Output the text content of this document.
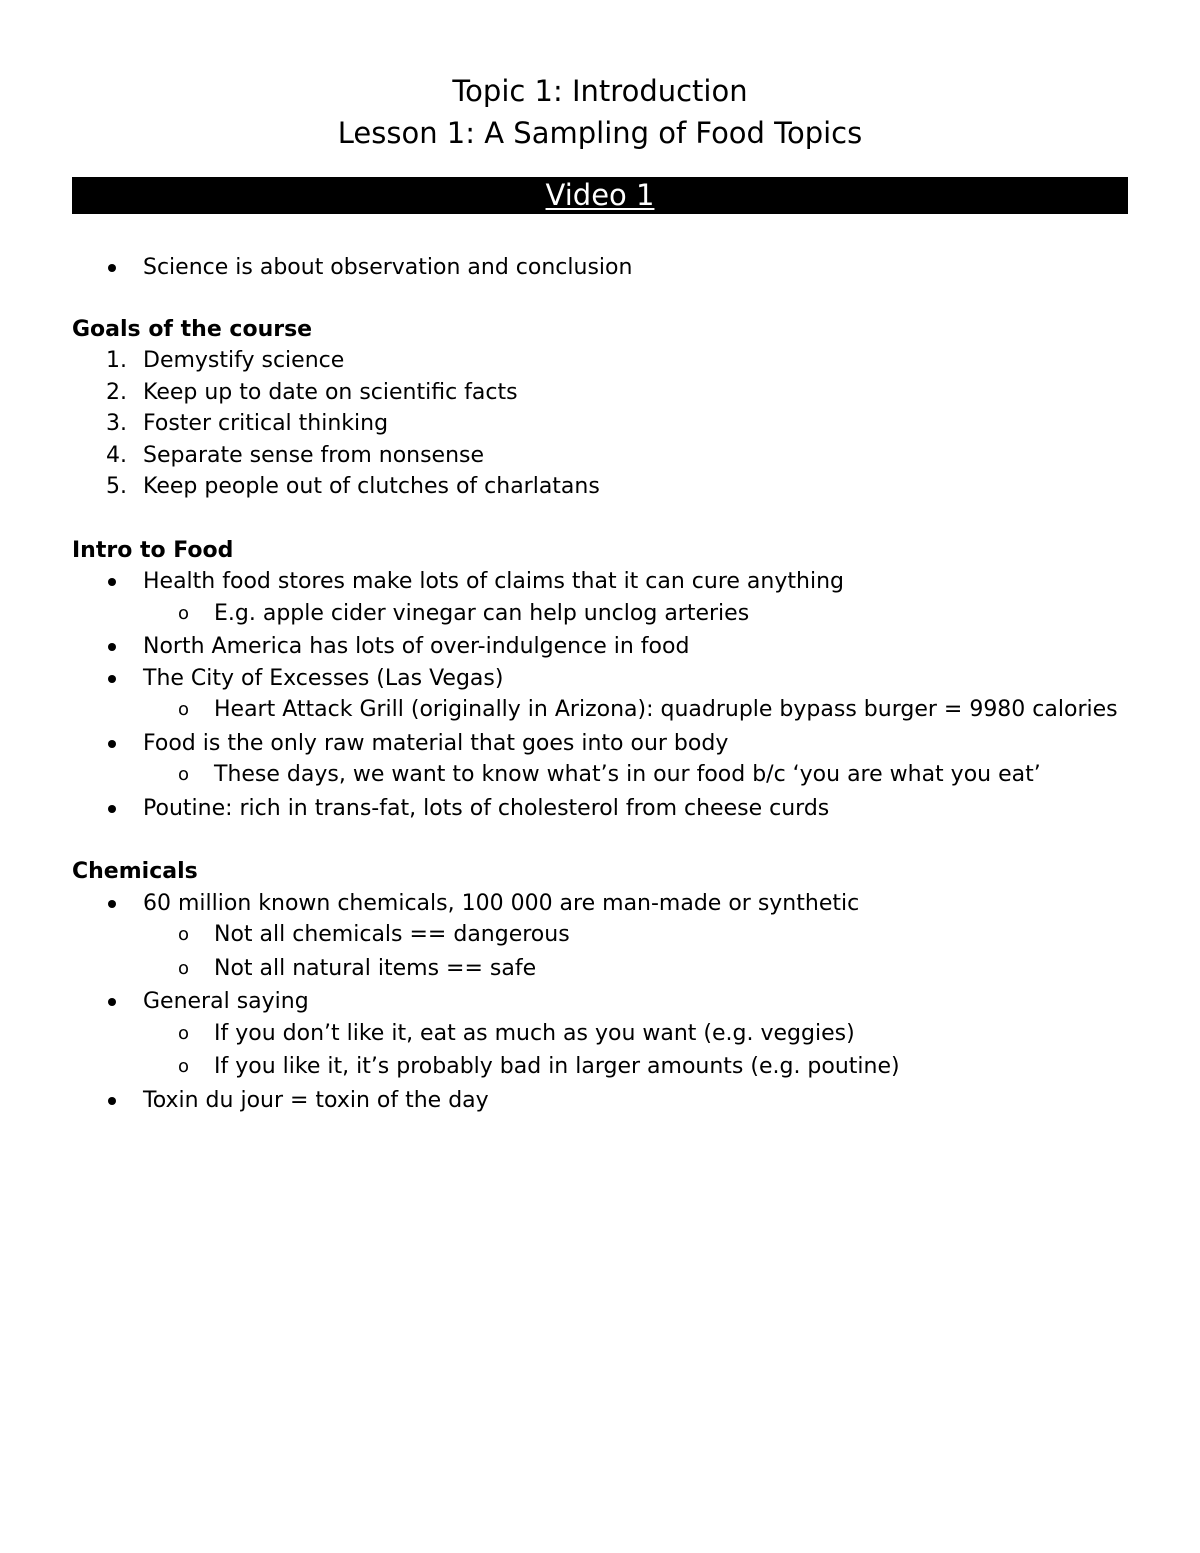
Topic 1: Introduction
Lesson 1: A Sampling of Food Topics
Video 1
Science is about observation and conclusion

Goals of the course

1. Demystify science
2. Keep up to date on scientific facts
3. Foster critical thinking
4. Separate sense from nonsense
5. Keep people out of clutches of charlatans

Intro to Food

Health food stores make lots of claims that it can cure anything
o E.g. apple cider vinegar can help unclog arteries
North America has lots of over-indulgence in food
The City of Excesses (Las Vegas)
o Heart Attack Grill (originally in Arizona): quadruple bypass burger = 9980 calories
Food is the only raw material that goes into our body
o These days, we want to know what’s in our food b/c ‘you are what you eat’
Poutine: rich in trans-fat, lots of cholesterol from cheese curds

Chemicals

60 million known chemicals, 100 000 are man-made or synthetic
o Not all chemicals == dangerous
o Not all natural items == safe
General saying
o If you don’t like it, eat as much as you want (e.g. veggies)
o If you like it, it’s probably bad in larger amounts (e.g. poutine)
Toxin du jour = toxin of the day
